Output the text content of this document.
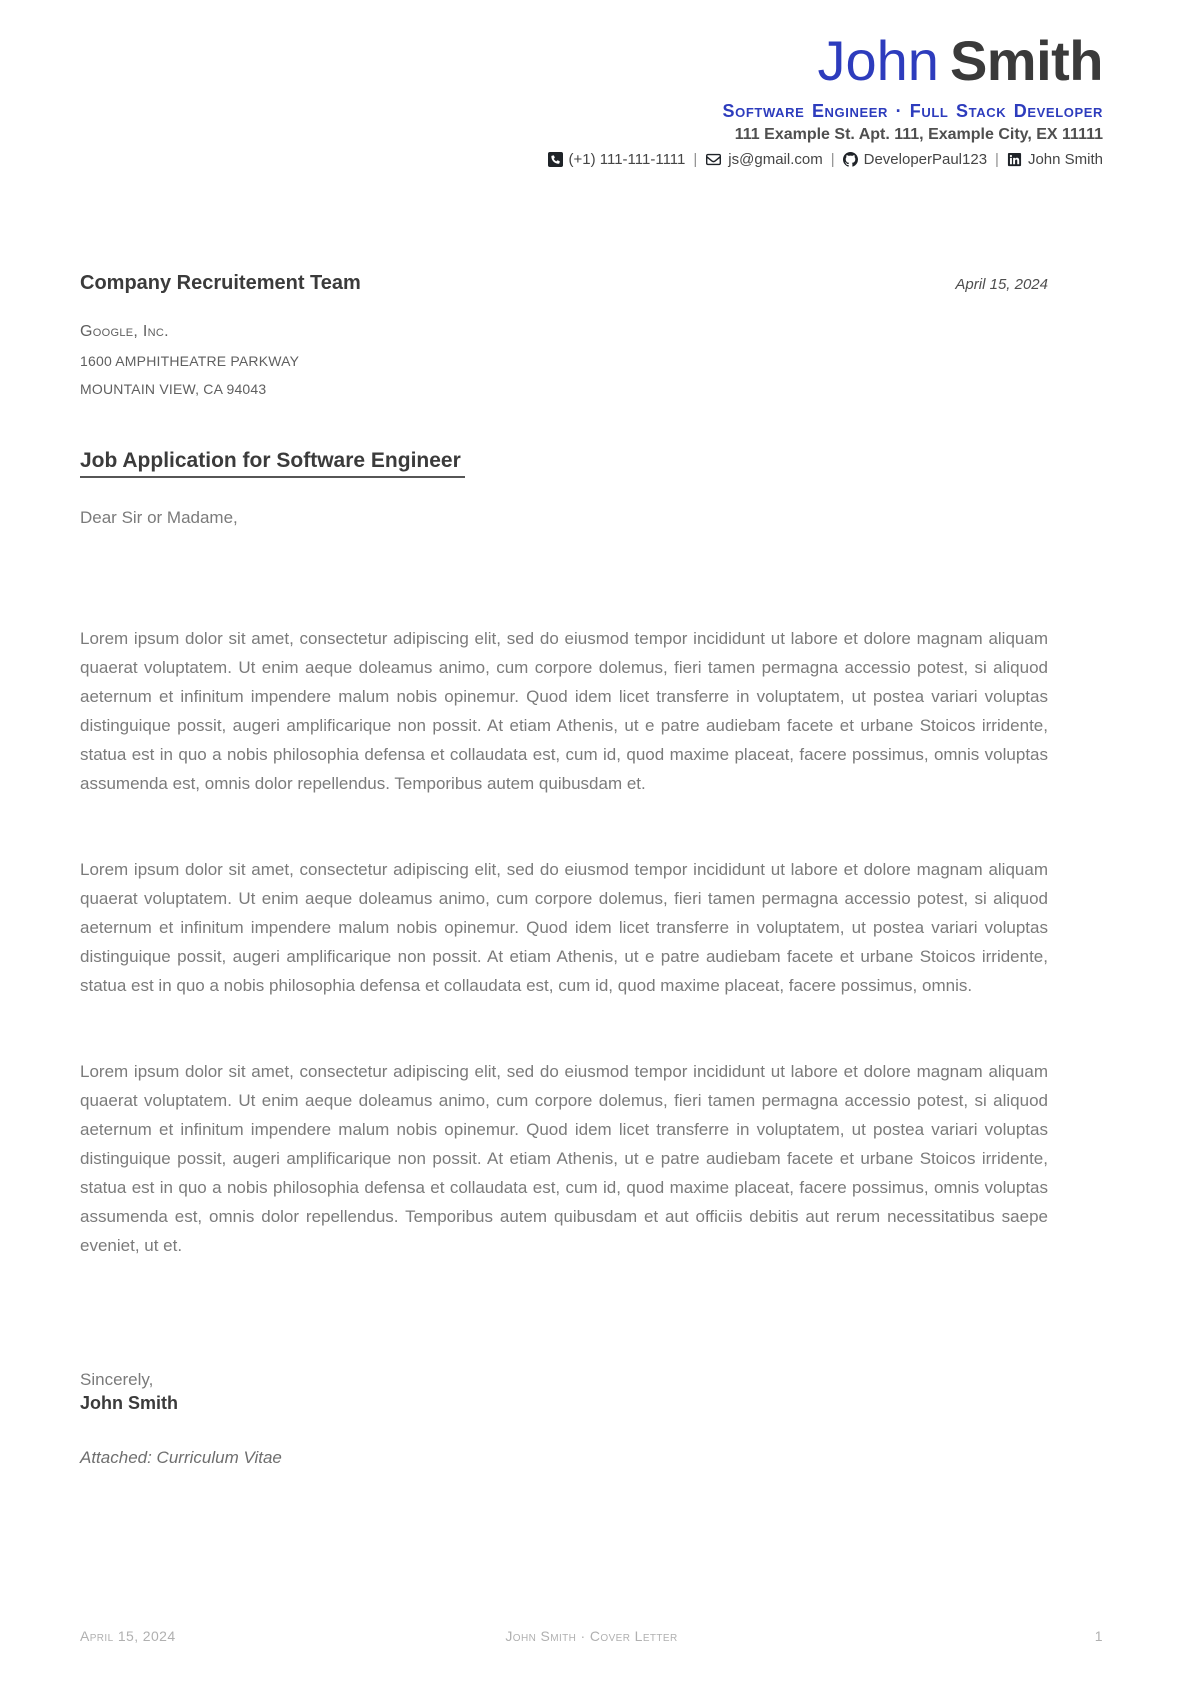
John Smith
Software Engineer · Full Stack Developer
111 Example St. Apt. 111, Example City, EX 11111
(+1) 111-111-1111 | js@gmail.com | DeveloperPaul123 | John Smith
Company Recruitement Team	April 15, 2024
Google, Inc.
1600 AMPHITHEATRE PARKWAY
MOUNTAIN VIEW, CA 94043
Job Application for Software Engineer
Dear Sir or Madame,

Lorem ipsum dolor sit amet, consectetur adipiscing elit, sed do eiusmod tempor incididunt ut labore et dolore magnam aliquam quaerat voluptatem. Ut enim aeque doleamus animo, cum corpore dolemus, fieri tamen permagna accessio potest, si aliquod aeternum et infinitum impendere malum nobis opinemur. Quod idem licet transferre in voluptatem, ut postea variari voluptas distinguique possit, augeri amplificarique non possit. At etiam Athenis, ut e patre audiebam facete et urbane Stoicos irridente, statua est in quo a nobis philosophia defensa et collaudata est, cum id, quod maxime placeat, facere possimus, omnis voluptas assumenda est, omnis dolor repellendus. Temporibus autem quibusdam et.

Lorem ipsum dolor sit amet, consectetur adipiscing elit, sed do eiusmod tempor incididunt ut labore et dolore magnam aliquam quaerat voluptatem. Ut enim aeque doleamus animo, cum corpore dolemus, fieri tamen permagna accessio potest, si aliquod aeternum et infinitum impendere malum nobis opinemur. Quod idem licet transferre in voluptatem, ut postea variari voluptas distinguique possit, augeri amplificarique non possit. At etiam Athenis, ut e patre audiebam facete et urbane Stoicos irridente, statua est in quo a nobis philosophia defensa et collaudata est, cum id, quod maxime placeat, facere possimus, omnis.

Lorem ipsum dolor sit amet, consectetur adipiscing elit, sed do eiusmod tempor incididunt ut labore et dolore magnam aliquam quaerat voluptatem. Ut enim aeque doleamus animo, cum corpore dolemus, fieri tamen permagna accessio potest, si aliquod aeternum et infinitum impendere malum nobis opinemur. Quod idem licet transferre in voluptatem, ut postea variari voluptas distinguique possit, augeri amplificarique non possit. At etiam Athenis, ut e patre audiebam facete et urbane Stoicos irridente, statua est in quo a nobis philosophia defensa et collaudata est, cum id, quod maxime placeat, facere possimus, omnis voluptas assumenda est, omnis dolor repellendus. Temporibus autem quibusdam et aut officiis debitis aut rerum necessitatibus saepe eveniet, ut et.

Sincerely,
John Smith
Attached: Curriculum Vitae
April 15, 2024	John Smith · Cover Letter	1
